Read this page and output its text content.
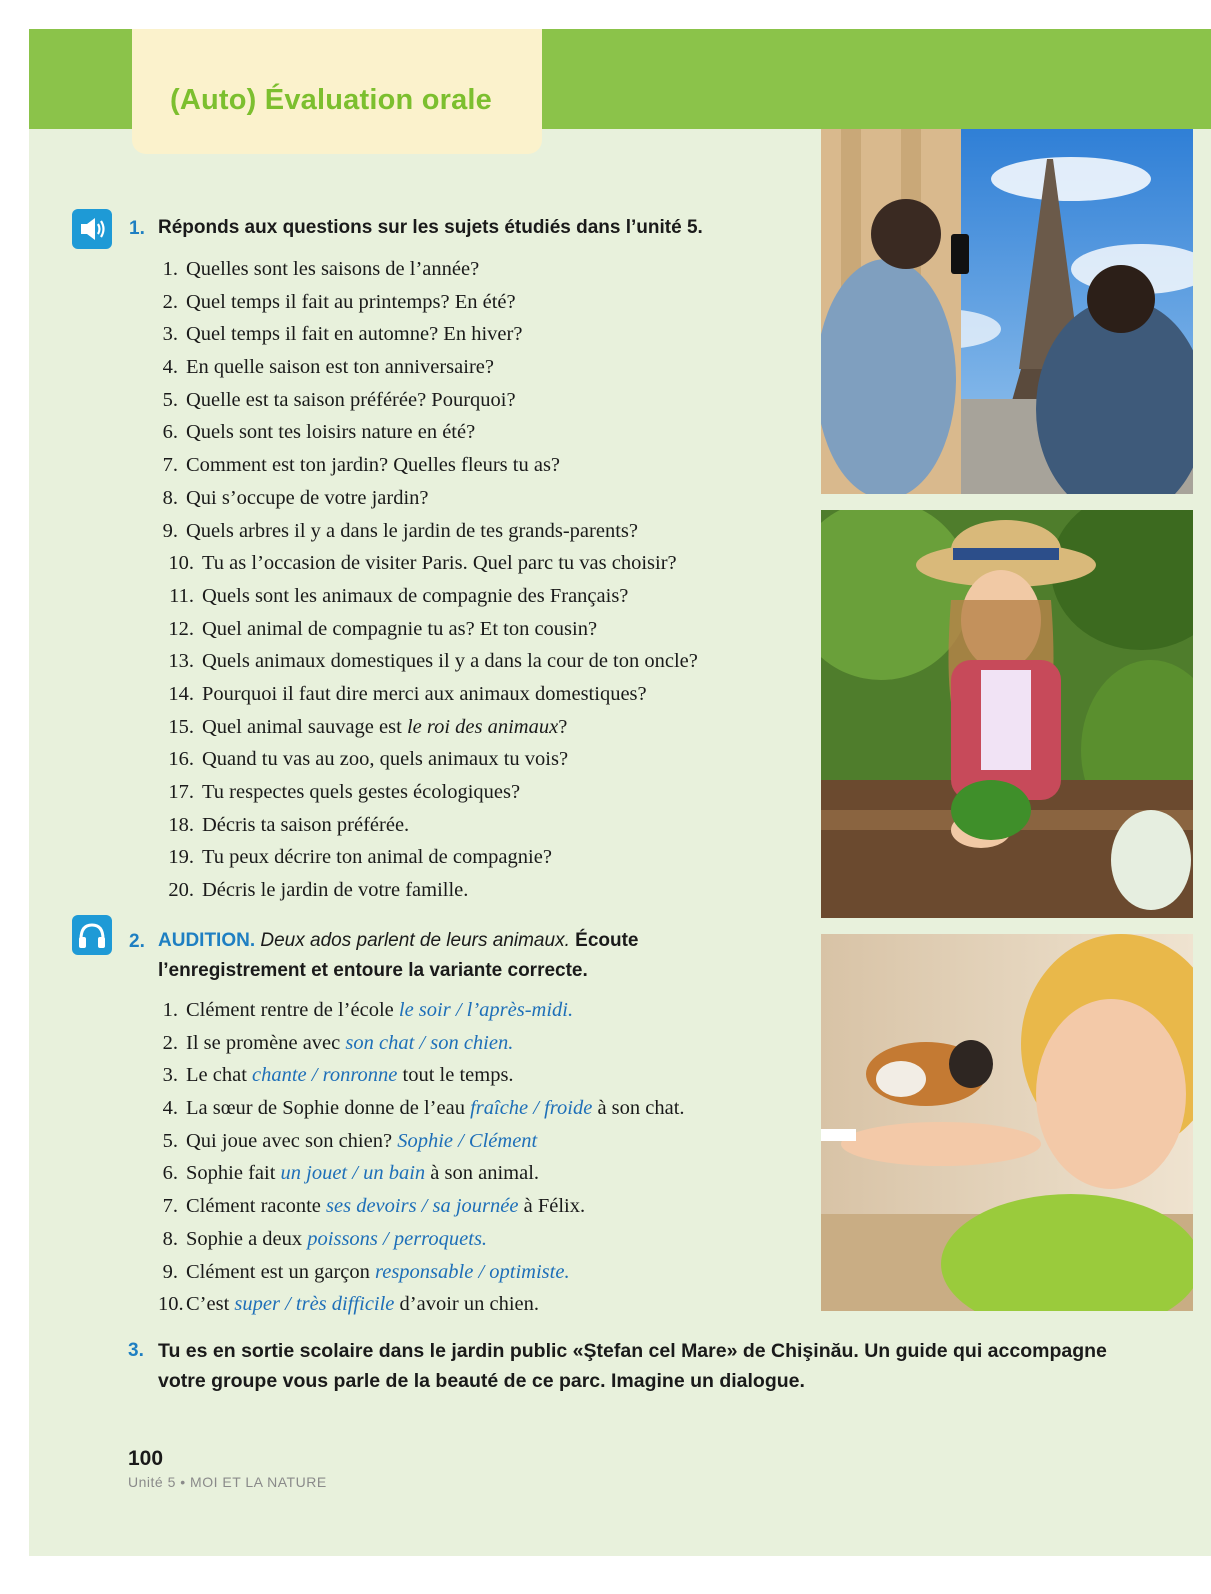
(Auto) Évaluation orale
1. Réponds aux questions sur les sujets étudiés dans l’unité 5.
1. Quelles sont les saisons de l’année?
2. Quel temps il fait au printemps? En été?
3. Quel temps il fait en automne? En hiver?
4. En quelle saison est ton anniversaire?
5. Quelle est ta saison préférée? Pourquoi?
6. Quels sont tes loisirs nature en été?
7. Comment est ton jardin? Quelles fleurs tu as?
8. Qui s’occupe de votre jardin?
9. Quels arbres il y a dans le jardin de tes grands-parents?
10. Tu as l’occasion de visiter Paris. Quel parc tu vas choisir?
11. Quels sont les animaux de compagnie des Français?
12. Quel animal de compagnie tu as? Et ton cousin?
13. Quels animaux domestiques il y a dans la cour de ton oncle?
14. Pourquoi il faut dire merci aux animaux domestiques?
15. Quel animal sauvage est le roi des animaux?
16. Quand tu vas au zoo, quels animaux tu vois?
17. Tu respectes quels gestes écologiques?
18. Décris ta saison préférée.
19. Tu peux décrire ton animal de compagnie?
20. Décris le jardin de votre famille.
2. AUDITION. Deux ados parlent de leurs animaux. Écoute
l’enregistrement et entoure la variante correcte.
1. Clément rentre de l’école le soir / l’après-midi.
2. Il se promène avec son chat / son chien.
3. Le chat chante / ronronne tout le temps.
4. La sœur de Sophie donne de l’eau fraîche / froide à son chat.
5. Qui joue avec son chien? Sophie / Clément
6. Sophie fait un jouet / un bain à son animal.
7. Clément raconte ses devoirs / sa journée à Félix.
8. Sophie a deux poissons / perroquets.
9. Clément est un garçon responsable / optimiste.
10. C’est super / très difficile d’avoir un chien.
3. Tu es en sortie scolaire dans le jardin public «Ştefan cel Mare» de Chişinău. Un guide qui accompagne votre groupe vous parle de la beauté de ce parc. Imagine un dialogue.
100
Unité 5 • MOI ET LA NATURE
